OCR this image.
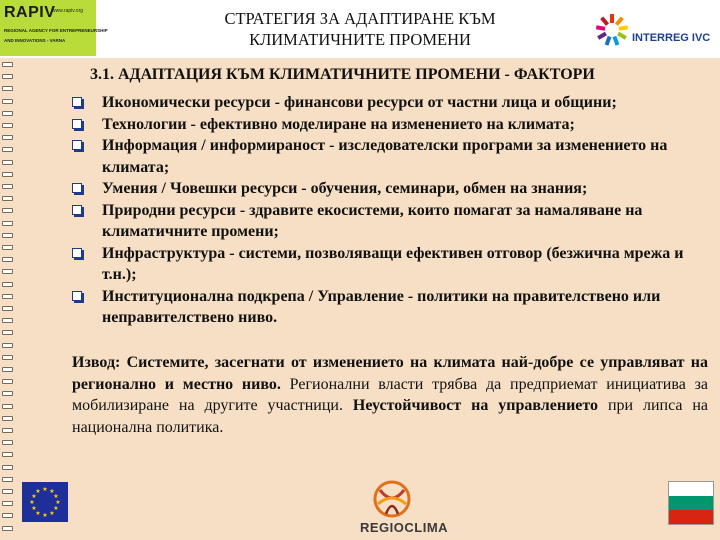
RAPIV
www.rapiv.org
REGIONAL AGENCY FOR ENTREPRENEURSHIP
AND INNOVATIONS - VARNA
СТРАТЕГИЯ ЗА АДАПТИРАНЕ КЪМ
КЛИМАТИЧНИТЕ ПРОМЕНИ	INTERREG IVC
3.1. АДАПТАЦИЯ КЪМ КЛИМАТИЧНИТЕ ПРОМЕНИ - ФАКТОРИ
Икономически ресурси - финансови ресурси от частни лица и общини;
Технологии - ефективно моделиране на изменението на климата;
Информация / информираност - изследователски програми за изменението на климата;
Умения / Човешки ресурси - обучения, семинари, обмен на знания;
Природни ресурси - здравите екосистеми, които помагат за намаляване на климатичните промени;
Инфраструктура - системи, позволяващи ефективен отговор (безжична мрежа и т.н.);
Институционална подкрепа / Управление - политики на правителствено или неправителствено ниво.
Извод: Системите, засегнати от изменението на климата най-добре се управляват на регионално и местно ниво. Регионални власти трябва да предприемат инициатива за мобилизиране на другите участници. Неустойчивост на управлението при липса на национална политика.
★ ★
★
★
★
★
★
★
★
★
★
★
REGIOCLIMA
